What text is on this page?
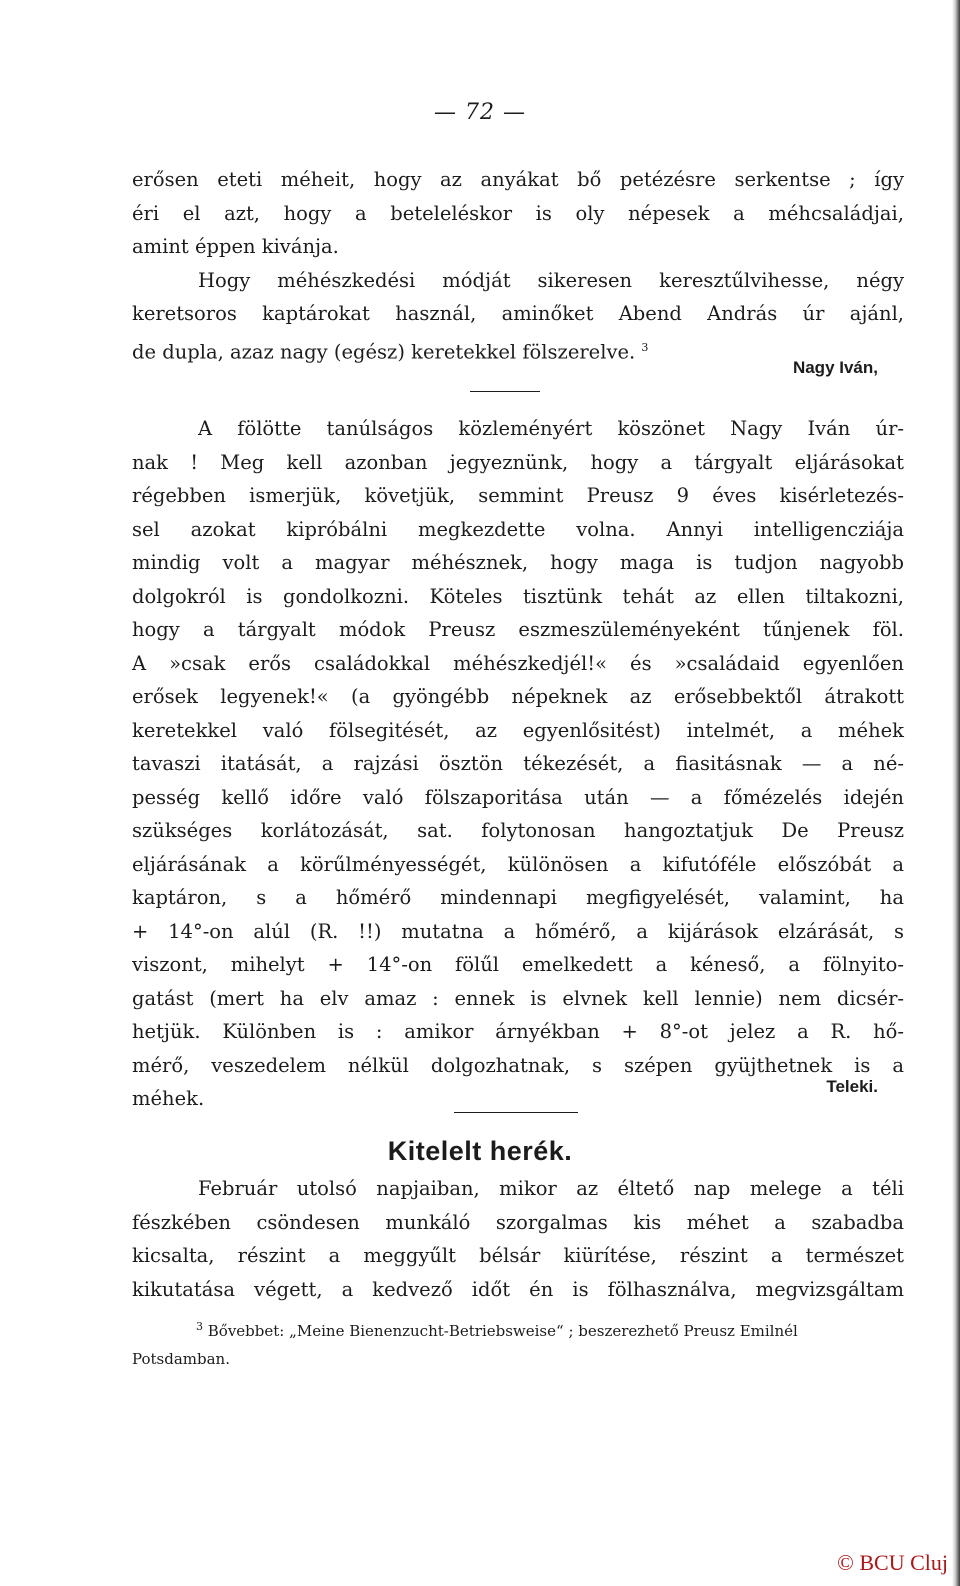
— 72 —
erősen eteti méheit, hogy az anyákat bő petézésre serkentse ; így
éri el azt, hogy a beteleléskor is oly népesek a méhcsaládjai,
amint éppen kivánja.
Hogy méhészkedési módját sikeresen keresztűlvihesse, négy
keretsoros kaptárokat használ, aminőket Abend András úr ajánl,
de dupla, azaz nagy (egész) keretekkel fölszerelve. $^3$
Nagy Iván,
A fölötte tanúlságos közleményért köszönet Nagy Iván úr-
nak ! Meg kell azonban jegyeznünk, hogy a tárgyalt eljárásokat
régebben ismerjük, követjük, semmint Preusz 9 éves kisérletezés-
sel azokat kipróbálni megkezdette volna. Annyi intelligencziája
mindig volt a magyar méhésznek, hogy maga is tudjon nagyobb
dolgokról is gondolkozni. Köteles tisztünk tehát az ellen tiltakozni,
hogy a tárgyalt módok Preusz eszmeszüleményeként tűnjenek föl.
A »csak erős családokkal méhészkedjél!« és »családaid egyenlően
erősek legyenek!« (a gyöngébb népeknek az erősebbektől átrakott
keretekkel való fölsegitését, az egyenlősitést) intelmét, a méhek
tavaszi itatását, a rajzási ösztön tékezését, a fiasitásnak — a né-
pesség kellő időre való fölszaporitása után — a főmézelés idején
szükséges korlátozását, sat. folytonosan hangoztatjuk De Preusz
eljárásának a körűlményességét, különösen a kifutóféle előszóbát a
kaptáron, s a hőmérő mindennapi megfigyelését, valamint, ha
+ 14°-on alúl (R. !!) mutatna a hőmérő, a kijárások elzárását, s
viszont, mihelyt + 14°-on fölűl emelkedett a kéneső, a fölnyito-
gatást (mert ha elv amaz : ennek is elvnek kell lennie) nem dicsér-
hetjük. Különben is : amikor árnyékban + 8°-ot jelez a R. hő-
mérő, veszedelem nélkül dolgozhatnak, s szépen gyüjthetnek is a
méhek.
Teleki.
Kitelelt herék.
Február utolsó napjaiban, mikor az éltető nap melege a téli
fészkében csöndesen munkáló szorgalmas kis méhet a szabadba
kicsalta, részint a meggyűlt bélsár kiürítése, részint a természet
kikutatása végett, a kedvező időt én is fölhasználva, megvizsgáltam
$^3$ Bővebbet: „Meine Bienenzucht-Betriebsweise“ ; beszerezhető Preusz Emilnél
Potsdamban.
© BCU Cluj
